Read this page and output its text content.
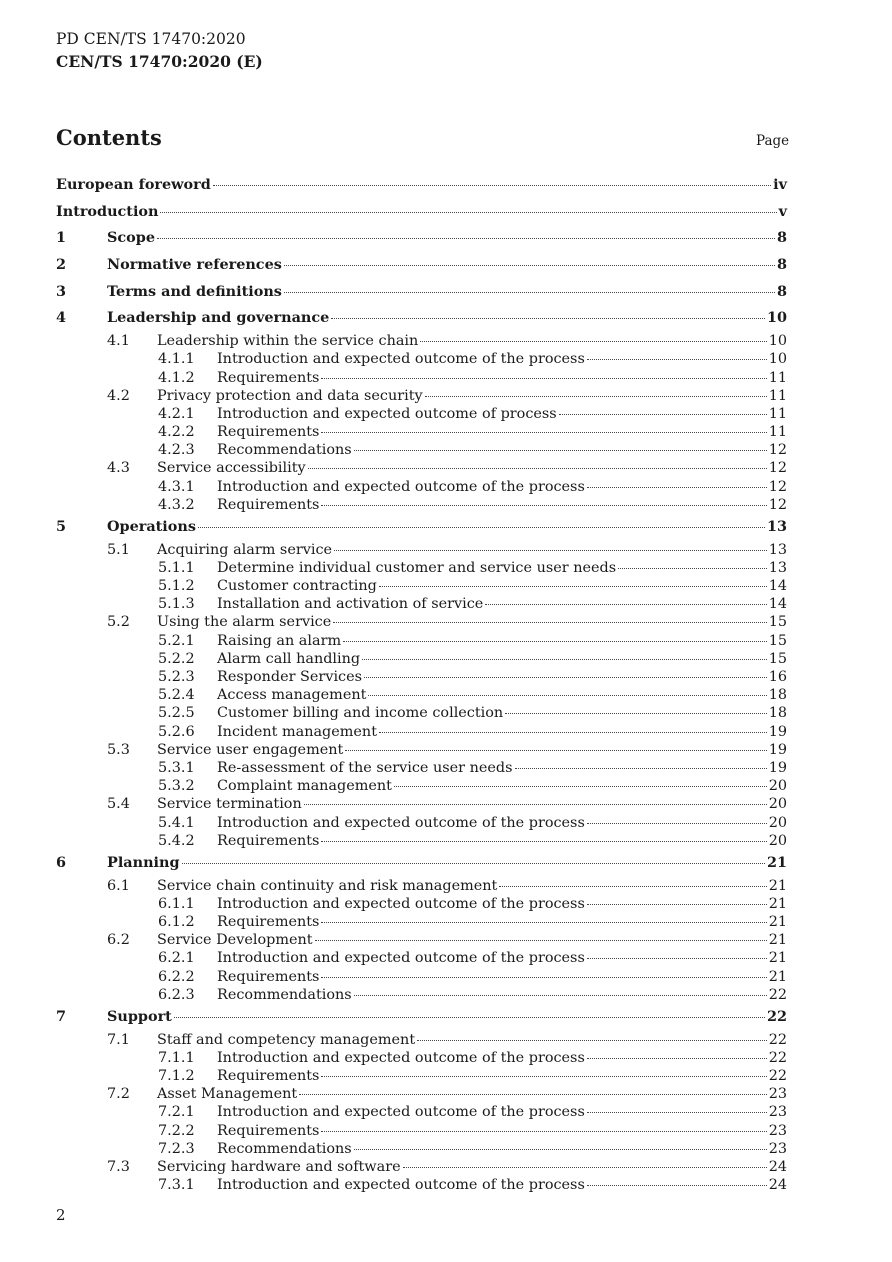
PD CEN/TS 17470:2020
CEN/TS 17470:2020 (E)
Contents	Page
European foreword	iv
Introduction	v
1	Scope	8
2	Normative references	8
3	Terms and definitions	8
4	Leadership and governance	10
4.1	Leadership within the service chain	10
4.1.1	Introduction and expected outcome of the process	10
4.1.2	Requirements	11
4.2	Privacy protection and data security	11
4.2.1	Introduction and expected outcome of process	11
4.2.2	Requirements	11
4.2.3	Recommendations	12
4.3	Service accessibility	12
4.3.1	Introduction and expected outcome of the process	12
4.3.2	Requirements	12
5	Operations	13
5.1	Acquiring alarm service	13
5.1.1	Determine individual customer and service user needs	13
5.1.2	Customer contracting	14
5.1.3	Installation and activation of service	14
5.2	Using the alarm service	15
5.2.1	Raising an alarm	15
5.2.2	Alarm call handling	15
5.2.3	Responder Services	16
5.2.4	Access management	18
5.2.5	Customer billing and income collection	18
5.2.6	Incident management	19
5.3	Service user engagement	19
5.3.1	Re-assessment of the service user needs	19
5.3.2	Complaint management	20
5.4	Service termination	20
5.4.1	Introduction and expected outcome of the process	20
5.4.2	Requirements	20
6	Planning	21
6.1	Service chain continuity and risk management	21
6.1.1	Introduction and expected outcome of the process	21
6.1.2	Requirements	21
6.2	Service Development	21
6.2.1	Introduction and expected outcome of the process	21
6.2.2	Requirements	21
6.2.3	Recommendations	22
7	Support	22
7.1	Staff and competency management	22
7.1.1	Introduction and expected outcome of the process	22
7.1.2	Requirements	22
7.2	Asset Management	23
7.2.1	Introduction and expected outcome of the process	23
7.2.2	Requirements	23
7.2.3	Recommendations	23
7.3	Servicing hardware and software	24
7.3.1	Introduction and expected outcome of the process	24
2
